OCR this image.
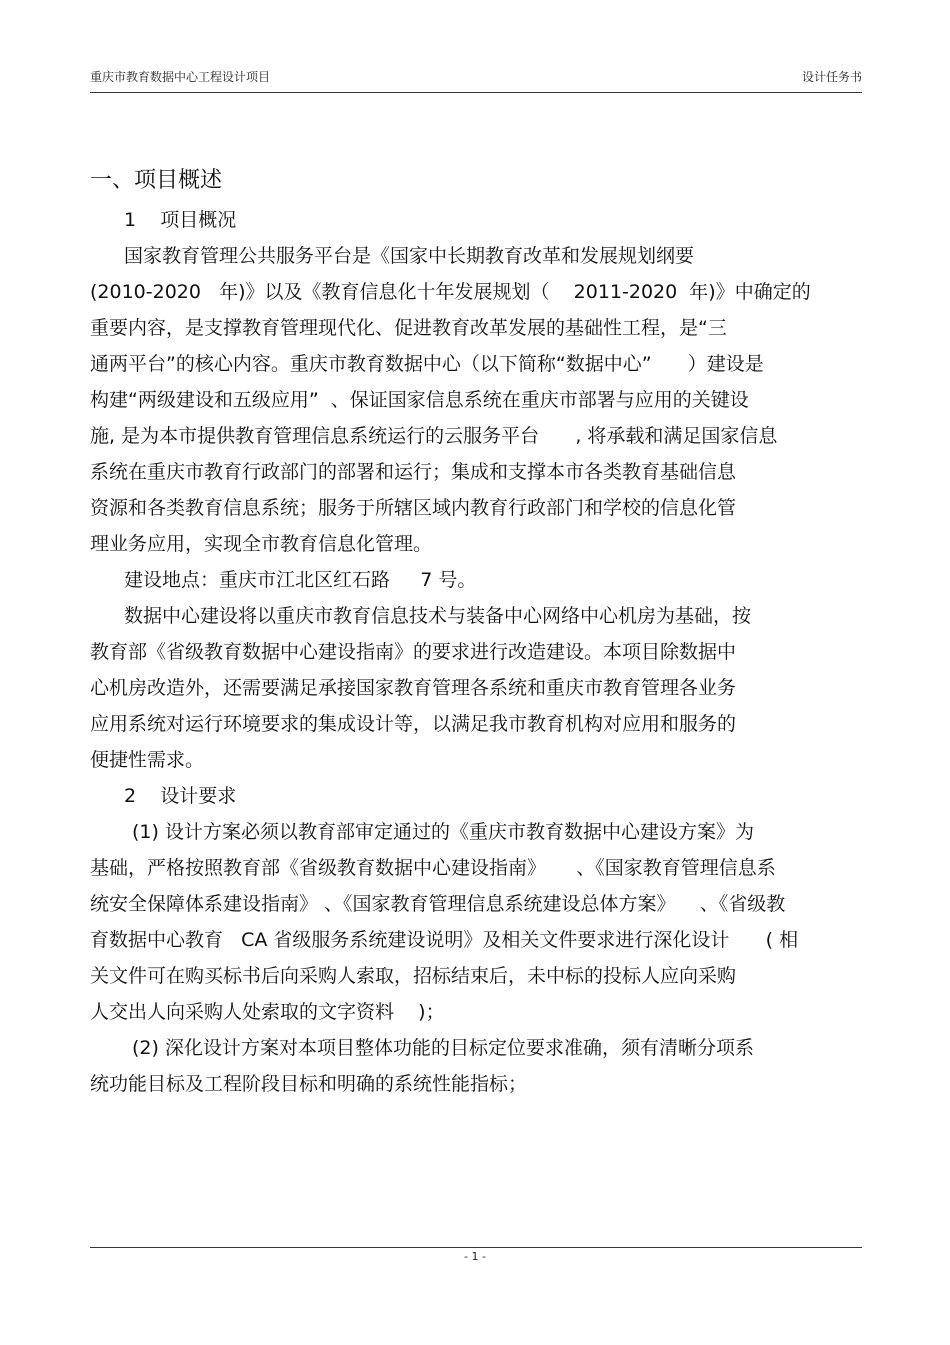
重庆市教育数据中心工程设计项目	设计任务书
一、项目概述
1    项目概况
国家教育管理公共服务平台是《国家中长期教育改革和发展规划纲要
(2010-2020   年)》以及《教育信息化十年发展规划（    2011-2020  年)》中确定的
重要内容，是支撑教育管理现代化、促进教育改革发展的基础性工程，是“三
通两平台”的核心内容。重庆市教育数据中心（以下简称“数据中心”      ）建设是
构建“两级建设和五级应用”  、保证国家信息系统在重庆市部署与应用的关键设
施, 是为本市提供教育管理信息系统运行的云服务平台      , 将承载和满足国家信息
系统在重庆市教育行政部门的部署和运行；集成和支撑本市各类教育基础信息
资源和各类教育信息系统；服务于所辖区域内教育行政部门和学校的信息化管
理业务应用，实现全市教育信息化管理。
建设地点：重庆市江北区红石路     7 号。
数据中心建设将以重庆市教育信息技术与装备中心网络中心机房为基础，按
教育部《省级教育数据中心建设指南》的要求进行改造建设。本项目除数据中
心机房改造外，还需要满足承接国家教育管理各系统和重庆市教育管理各业务
应用系统对运行环境要求的集成设计等，以满足我市教育机构对应用和服务的
便捷性需求。
2    设计要求
(1) 设计方案必须以教育部审定通过的《重庆市教育数据中心建设方案》为
基础，严格按照教育部《省级教育数据中心建设指南》     、《国家教育管理信息系
统安全保障体系建设指南》 、《国家教育管理信息系统建设总体方案》    、《省级教
育数据中心教育   CA 省级服务系统建设说明》及相关文件要求进行深化设计      ( 相
关文件可在购买标书后向采购人索取，招标结束后，未中标的投标人应向采购
人交出人向采购人处索取的文字资料    )；
(2) 深化设计方案对本项目整体功能的目标定位要求准确，须有清晰分项系
统功能目标及工程阶段目标和明确的系统性能指标；
- 1 -
